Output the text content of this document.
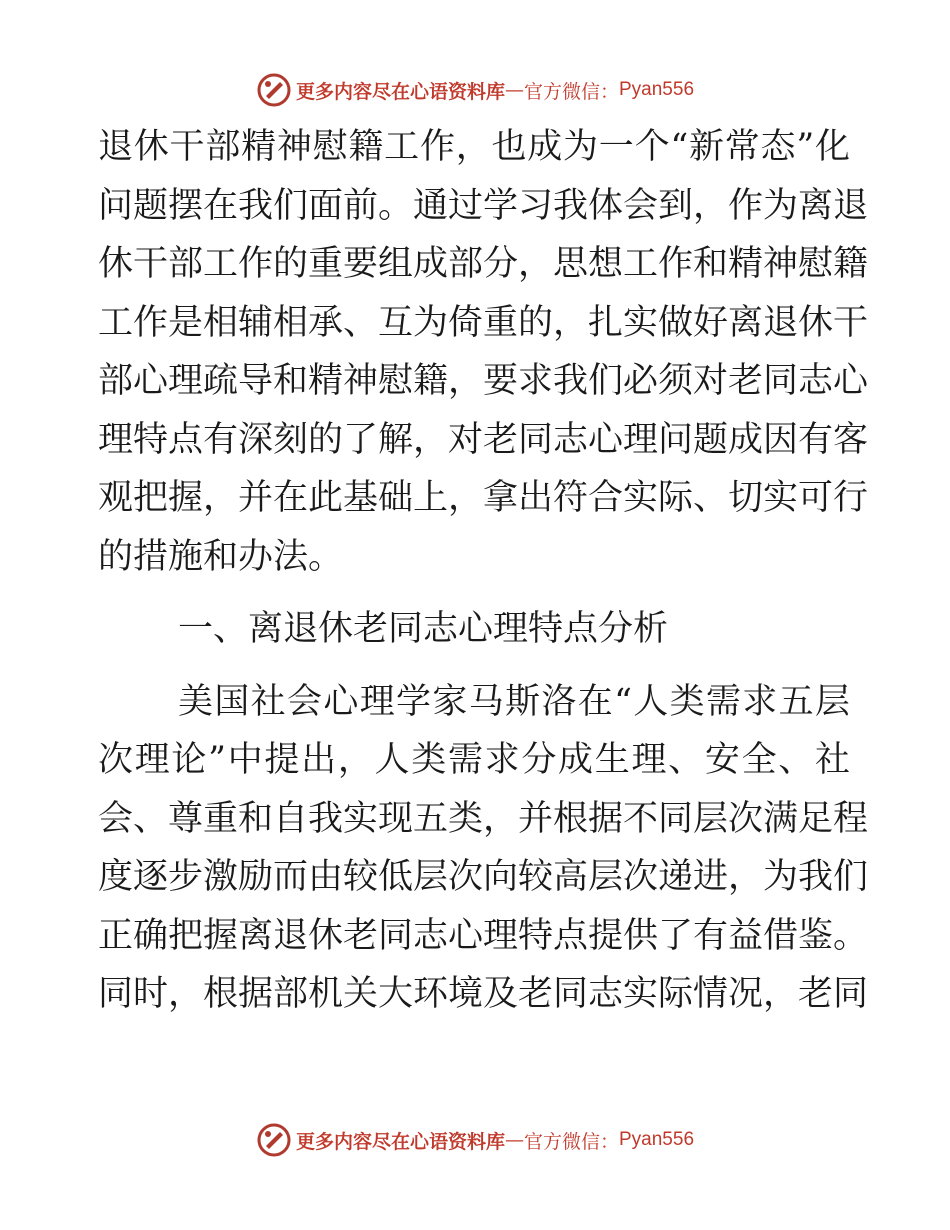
更多内容尽在心语资料库 — 官方微信： Pyan556
退休干部精神慰籍工作，也成为一个“新常态”化
问题摆在我们面前。通过学习我体会到，作为离退
休干部工作的重要组成部分，思想工作和精神慰籍
工作是相辅相承、互为倚重的，扎实做好离退休干
部心理疏导和精神慰籍，要求我们必须对老同志心
理特点有深刻的了解，对老同志心理问题成因有客
观把握，并在此基础上，拿出符合实际、切实可行
的措施和办法。
一、离退休老同志心理特点分析
美国社会心理学家马斯洛在“人类需求五层
次理论”中提出，人类需求分成生理、安全、社
会、尊重和自我实现五类，并根据不同层次满足程
度逐步激励而由较低层次向较高层次递进，为我们
正确把握离退休老同志心理特点提供了有益借鉴。
同时，根据部机关大环境及老同志实际情况，老同
更多内容尽在心语资料库 — 官方微信： Pyan556
